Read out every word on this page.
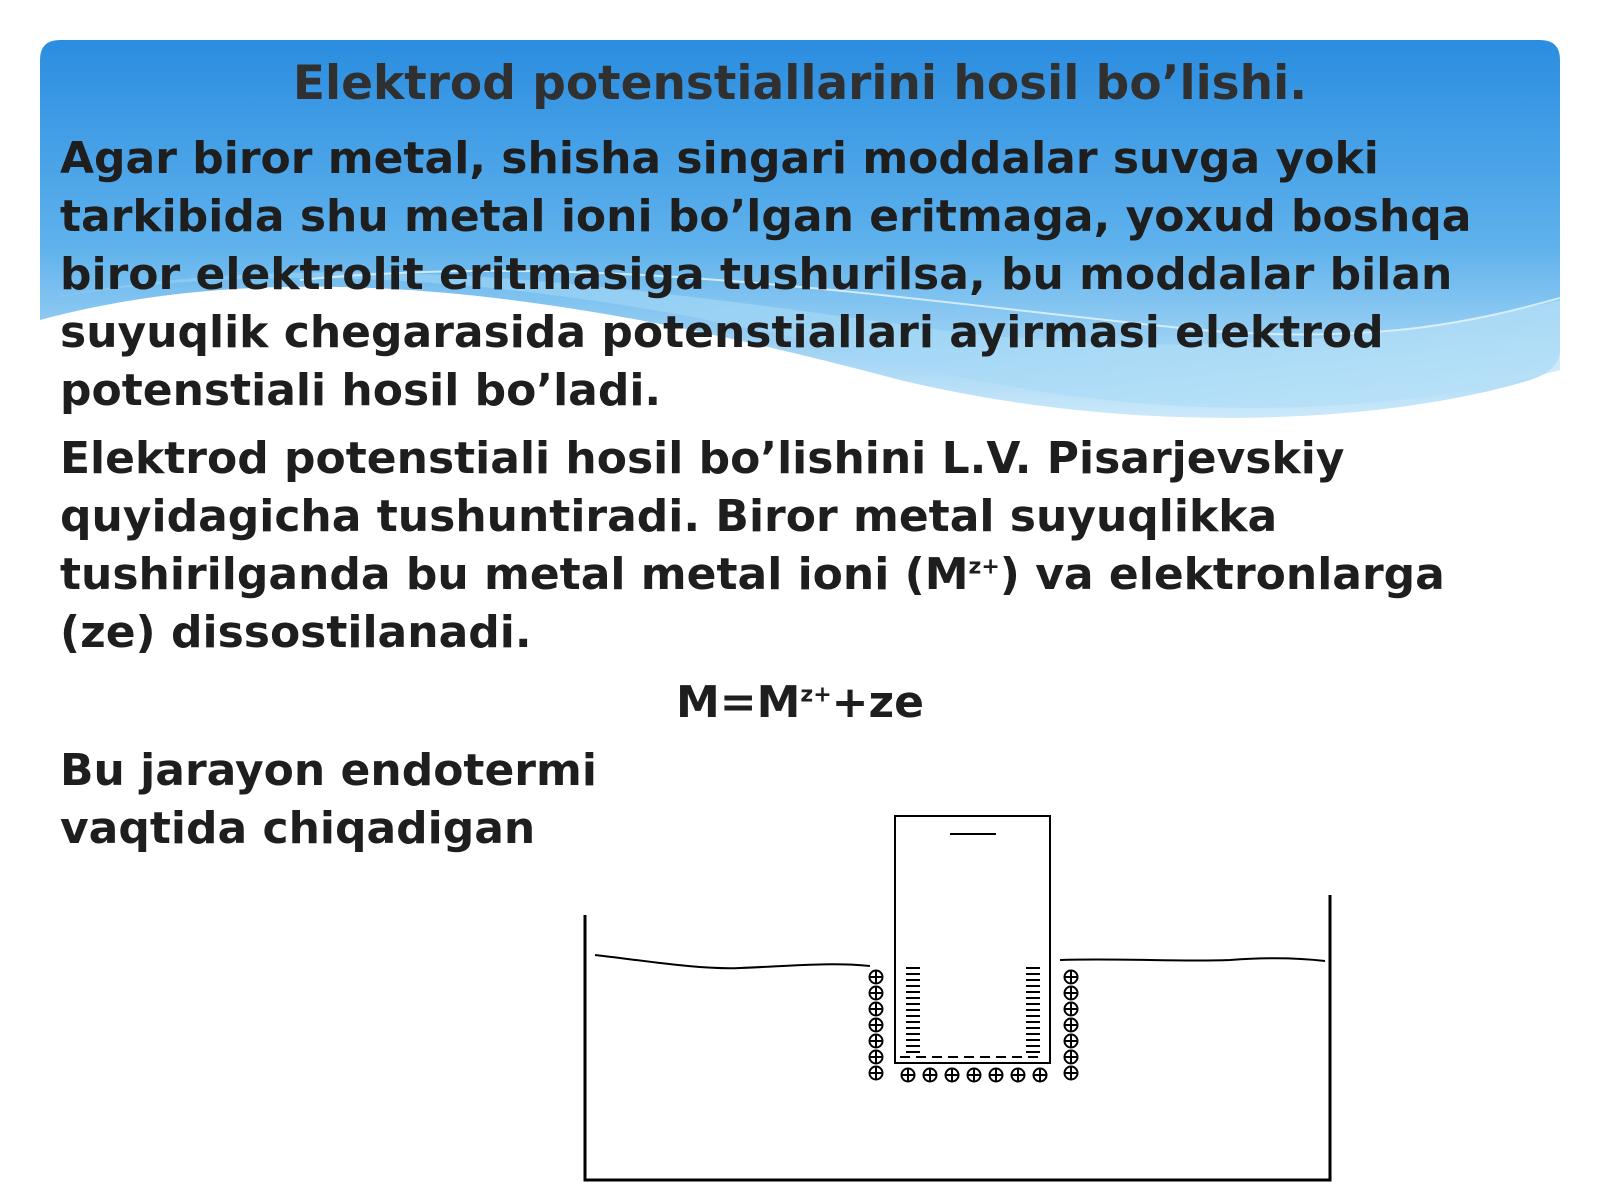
Elektrod potenstiallarini hosil bo’lishi.

Agar biror metal, shisha singari moddalar suvga yoki tarkibida shu metal ioni bo’lgan eritmaga, yoxud boshqa biror elektrolit eritmasiga tushurilsa, bu moddalar bilan suyuqlik chegarasida potenstiallari ayirmasi elektrod potenstiali hosil bo’ladi.

Elektrod potenstiali hosil bo’lishini L.V. Pisarjevskiy quyidagicha tushuntiradi. Biror metal suyuqlikka tushirilganda bu metal metal ioni $(M^{z+})$ va elektronlarga (ze) dissostilanadi.

$M=M^{z+}+ze$

Bu jarayon endotermi
vaqtida chiqadigan
